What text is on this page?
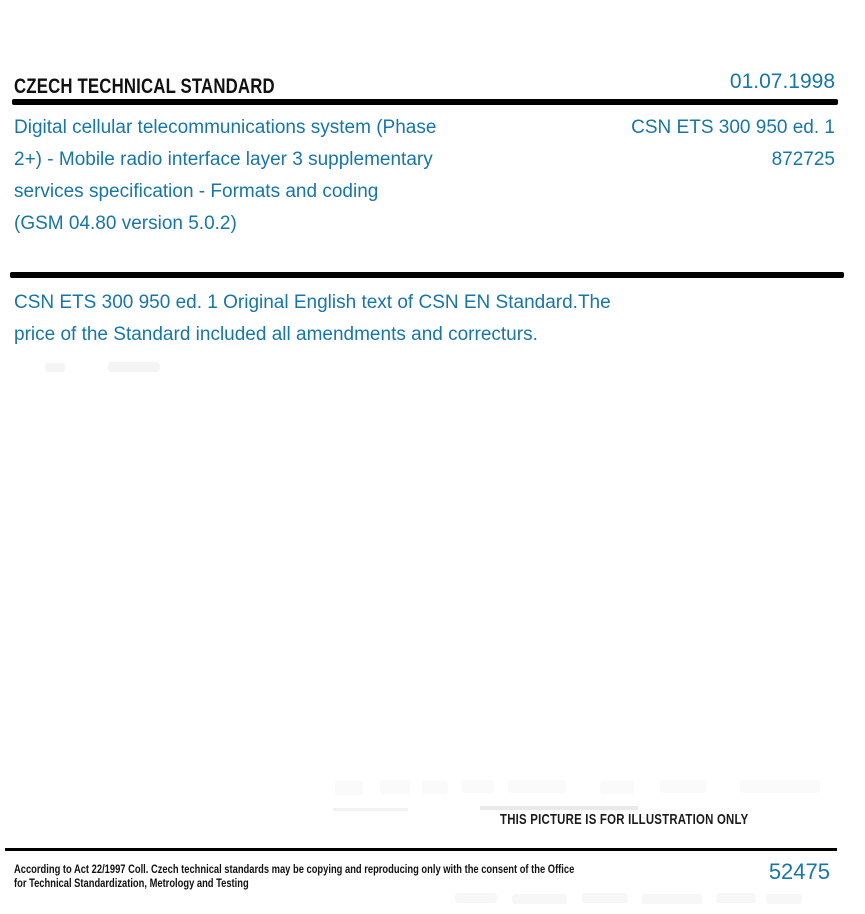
CZECH TECHNICAL STANDARD	01.07.1998
Digital cellular telecommunications system (Phase
2+) - Mobile radio interface layer 3 supplementary
services specification - Formats and coding
(GSM 04.80 version 5.0.2)
CSN ETS 300 950 ed. 1
872725
CSN ETS 300 950 ed. 1 Original English text of CSN EN Standard.The
price of the Standard included all amendments and correcturs.
THIS PICTURE IS FOR ILLUSTRATION ONLY
According to Act 22/1997 Coll. Czech technical standards may be copying and reproducing only with the consent of the Office
for Technical Standardization, Metrology and Testing	52475
